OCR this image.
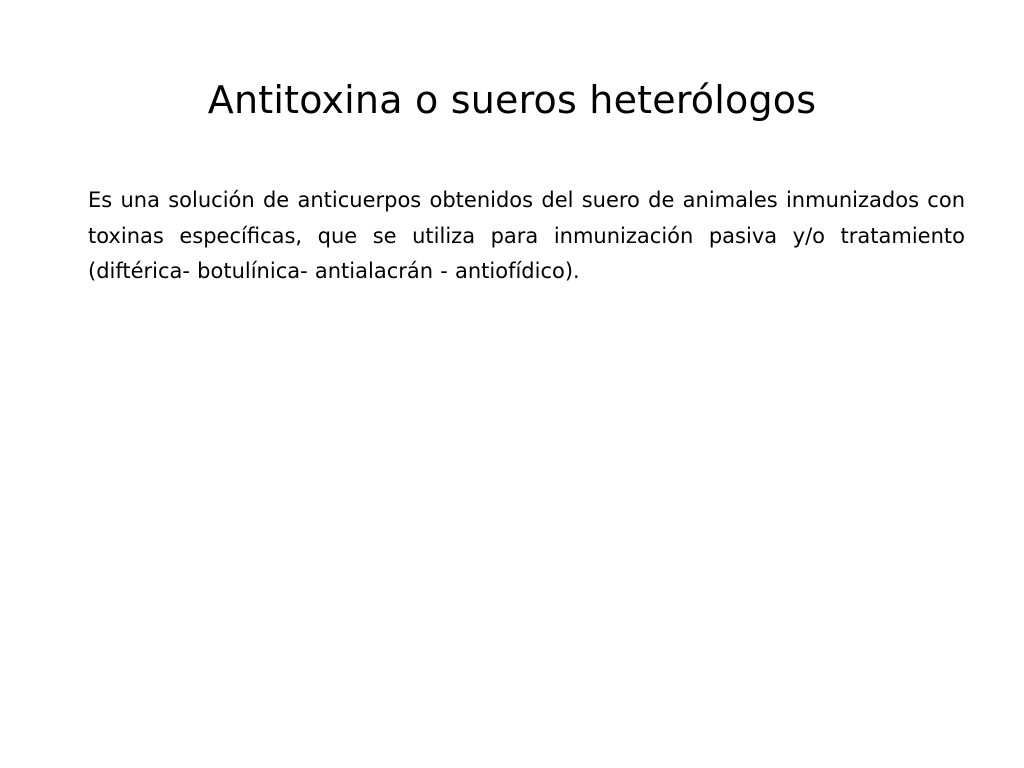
Antitoxina o sueros heterólogos

Es una solución de anticuerpos obtenidos del suero de animales inmunizados con toxinas específicas, que se utiliza para inmunización pasiva y/o tratamiento (diftérica- botulínica- antialacrán - antiofídico).
